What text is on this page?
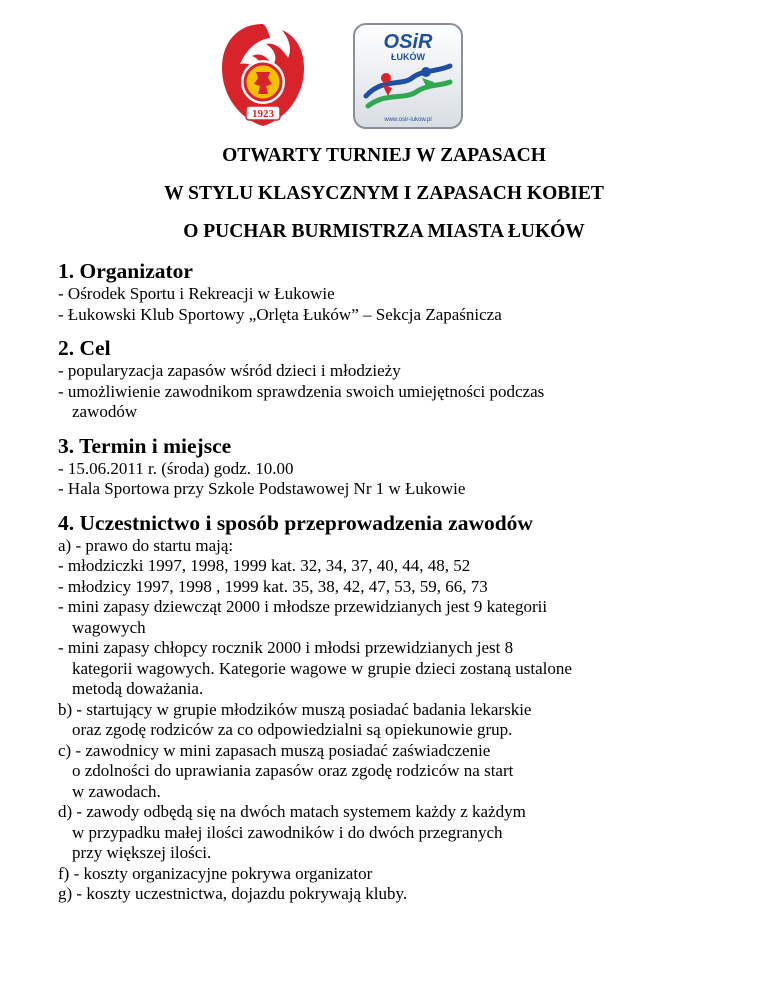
1923
OSiR
ŁUKÓW
www.osir-lukow.pl

OTWARTY TURNIEJ W ZAPASACH

W STYLU KLASYCZNYM I ZAPASACH KOBIET

O PUCHAR BURMISTRZA MIASTA ŁUKÓW

1. Organizator

- Ośrodek Sportu i Rekreacji w Łukowie

- Łukowski Klub Sportowy „Orlęta Łuków” – Sekcja Zapaśnicza

2. Cel

- popularyzacja zapasów wśród dzieci i młodzieży

- umożliwienie zawodnikom sprawdzenia swoich umiejętności podczas

zawodów

3. Termin i miejsce

- 15.06.2011 r. (środa) godz. 10.00

- Hala Sportowa przy Szkole Podstawowej Nr 1 w Łukowie

4. Uczestnictwo i sposób przeprowadzenia zawodów

a) - prawo do startu mają:

- młodziczki 1997, 1998, 1999 kat. 32, 34, 37, 40, 44, 48, 52

- młodzicy 1997, 1998 , 1999 kat. 35, 38, 42, 47, 53, 59, 66, 73

- mini zapasy dziewcząt 2000 i młodsze przewidzianych jest 9 kategorii

wagowych

- mini zapasy chłopcy rocznik 2000 i młodsi przewidzianych jest 8

kategorii wagowych. Kategorie wagowe w grupie dzieci zostaną ustalone

metodą doważania.

b) - startujący w grupie młodzików muszą posiadać badania lekarskie

oraz zgodę rodziców za co odpowiedzialni są opiekunowie grup.

c) - zawodnicy w mini zapasach muszą posiadać zaświadczenie

o zdolności do uprawiania zapasów oraz zgodę rodziców na start

w zawodach.

d) - zawody odbędą się na dwóch matach systemem każdy z każdym

w przypadku małej ilości zawodników i do dwóch przegranych

przy większej ilości.

f) - koszty organizacyjne pokrywa organizator

g) - koszty uczestnictwa, dojazdu pokrywają kluby.
